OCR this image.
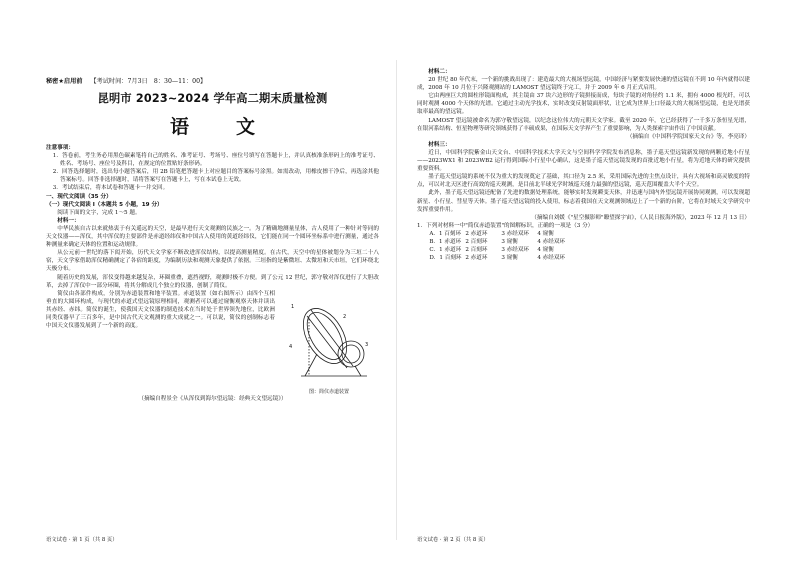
秘密★启用前 【考试时间：7月3日　8：30—11：00】
昆明市 2023~2024 学年高二期末质量检测
语　文

注意事项：

1．答卷前，考生务必用黑色碳素笔将自己的姓名、准考证号、考场号、座位号填写在答题卡上，并认真核准条形码上的准考证号、姓名、考场号、座位号及科目，在规定的位置贴好条形码。

2．回答选择题时，选出每小题答案后，用 2B 铅笔把答题卡上对应题目的答案标号涂黑。如需改动，用橡皮擦干净后，再选涂其他答案标号。回答非选择题时，请将答案写在答题卡上，写在本试卷上无效。

3．考试结束后，将本试卷和答题卡一并交回。

一、现代文阅读（35 分）

（一）现代文阅读 Ⅰ（本题共 5 小题，19 分）

阅读下面的文字，完成 1～5 题。

材料一：

中华民族自古以来就热衷于有关遥远的天空，是最早进行天文观测的民族之一。为了精确地测量星体，古人使用了一种针对等同的天文仪器——浑仪，其中浑仪的主要部件是赤道经纬仪和中国古人使用的黄道经纬仪，它们能在同一个圆环坐标系中进行测量，通过各种测量来确定天体的位置和运动规律。

从公元前一世纪的落下闳开始，历代天文学家不断改进浑仪结构，以提高测量精度。在古代，天空中的星体被划分为三垣二十八宿，天文学家借助浑仪精确测定了各宿的距度，为编制历法和观测天象提供了依据。三垣指的是紫微垣、太微垣和天市垣，它们环绕北天极分布。

随着历史的发展，浑仪变得越来越复杂，环圈重叠，遮挡视野，观测时极不方便。到了公元 12 世纪，郭守敬对浑仪进行了大胆改革，去掉了浑仪中一部分环圈，将其分解成几个独立的仪器，创制了简仪。

简仪由各部件构成，分别为赤道装置和地平装置。赤道装置（如右图所示）由四个互相垂直的大圆环构成，与现代的赤道式望远镜原理相同，观测者可以通过窥衡观察天体并读出其赤经、赤纬。简仪的诞生，使我国天文仪器的制造技术在当时处于世界领先地位，比欧洲同类仪器早了三百多年，是中国古代天文观测的重大成就之一。可以说，简仪的创制标志着中国天文仪器发展到了一个新的高度。

1
2
3
4
图：简仪赤道装置

（摘编自程景全《从浑仪到海尔望远镜：经典天文望远镜》）

语文试卷 · 第 1 页（共 8 页）

材料二：

20 世纪 80 年代末，一个新的挑战出现了：建造最大的大视场望远镜，中国经济与紧要发展快速的望远镜在不到 10 年内就得以建成，2008 年 10 月位于兴隆观测站的 LAMOST 望远镜终于完工，并于 2009 年 6 月正式启用。

它由两座巨大的圆柱形镜面构成，其主镜由 37 块六边形的子镜拼接而成，每块子镜的对角径约 1.1 米，拥有 4000 根光纤，可以同时观测 4000 个天体的光谱。它通过主动光学技术，实时改变反射镜面形状，让它成为世界上口径最大的大视场望远镜，也是光谱获取率最高的望远镜。

LAMOST 望远镜被命名为郭守敬望远镜，以纪念这位伟大的元朝天文学家。截至 2020 年，它已经获得了一千多万条恒星光谱，在银河系结构、恒星物理等研究领域获得了丰硕成果，在国际天文学界产生了重要影响，为人类探索宇宙作出了中国贡献。

（摘编自《中国科学院国家天文台》等，李亮译）

材料三：

近日，中国科学院紫金山天文台、中国科学技术大学天文与空间科学学院发布消息称，墨子巡天望远镜新发现的两颗近地小行星——2023WX1 和 2023WB2 运行得到国际小行星中心确认，这是墨子巡天望远镜发现的首批近地小行星，将为近地天体的研究提供重要资料。

墨子巡天望远镜的系统不仅为重大的发现奠定了基础，其口径为 2.5 米，采用国际先进的主焦点设计，具有大视场和高灵敏度的特点，可以对北天区进行高效的巡天观测，是目前北半球光学时域巡天能力最强的望远镜，巡天范围覆盖大半个天空。

此外，墨子巡天望远镜还配备了先进的数据处理系统，能够实时发现瞬变天体，并迅速与国内外望远镜开展协同观测，可以发现超新星、小行星、彗星等天体。墨子巡天望远镜的投入使用，标志着我国在天文观测领域迈上了一个新的台阶，它将在时域天文学研究中发挥重要作用。

（摘编自刘媛《"星空摄影师"瞭望探宇宙》，《人民日报海外版》，2023 年 12 月 13 日）

1．下列对材料一中"简仪赤道装置"的图解标识，正确的一项是（3 分）

A．1 百刻环 2 赤道环	3 赤经双环	4 窥衡
B．1 赤道环 2 百刻环	3 窥衡	4 赤经双环
C．1 赤道环 2 百刻环	3 赤经双环	4 窥衡
D．1 百刻环 2 赤道环	3 窥衡	4 赤经双环
语文试卷 · 第 2 页（共 8 页）
